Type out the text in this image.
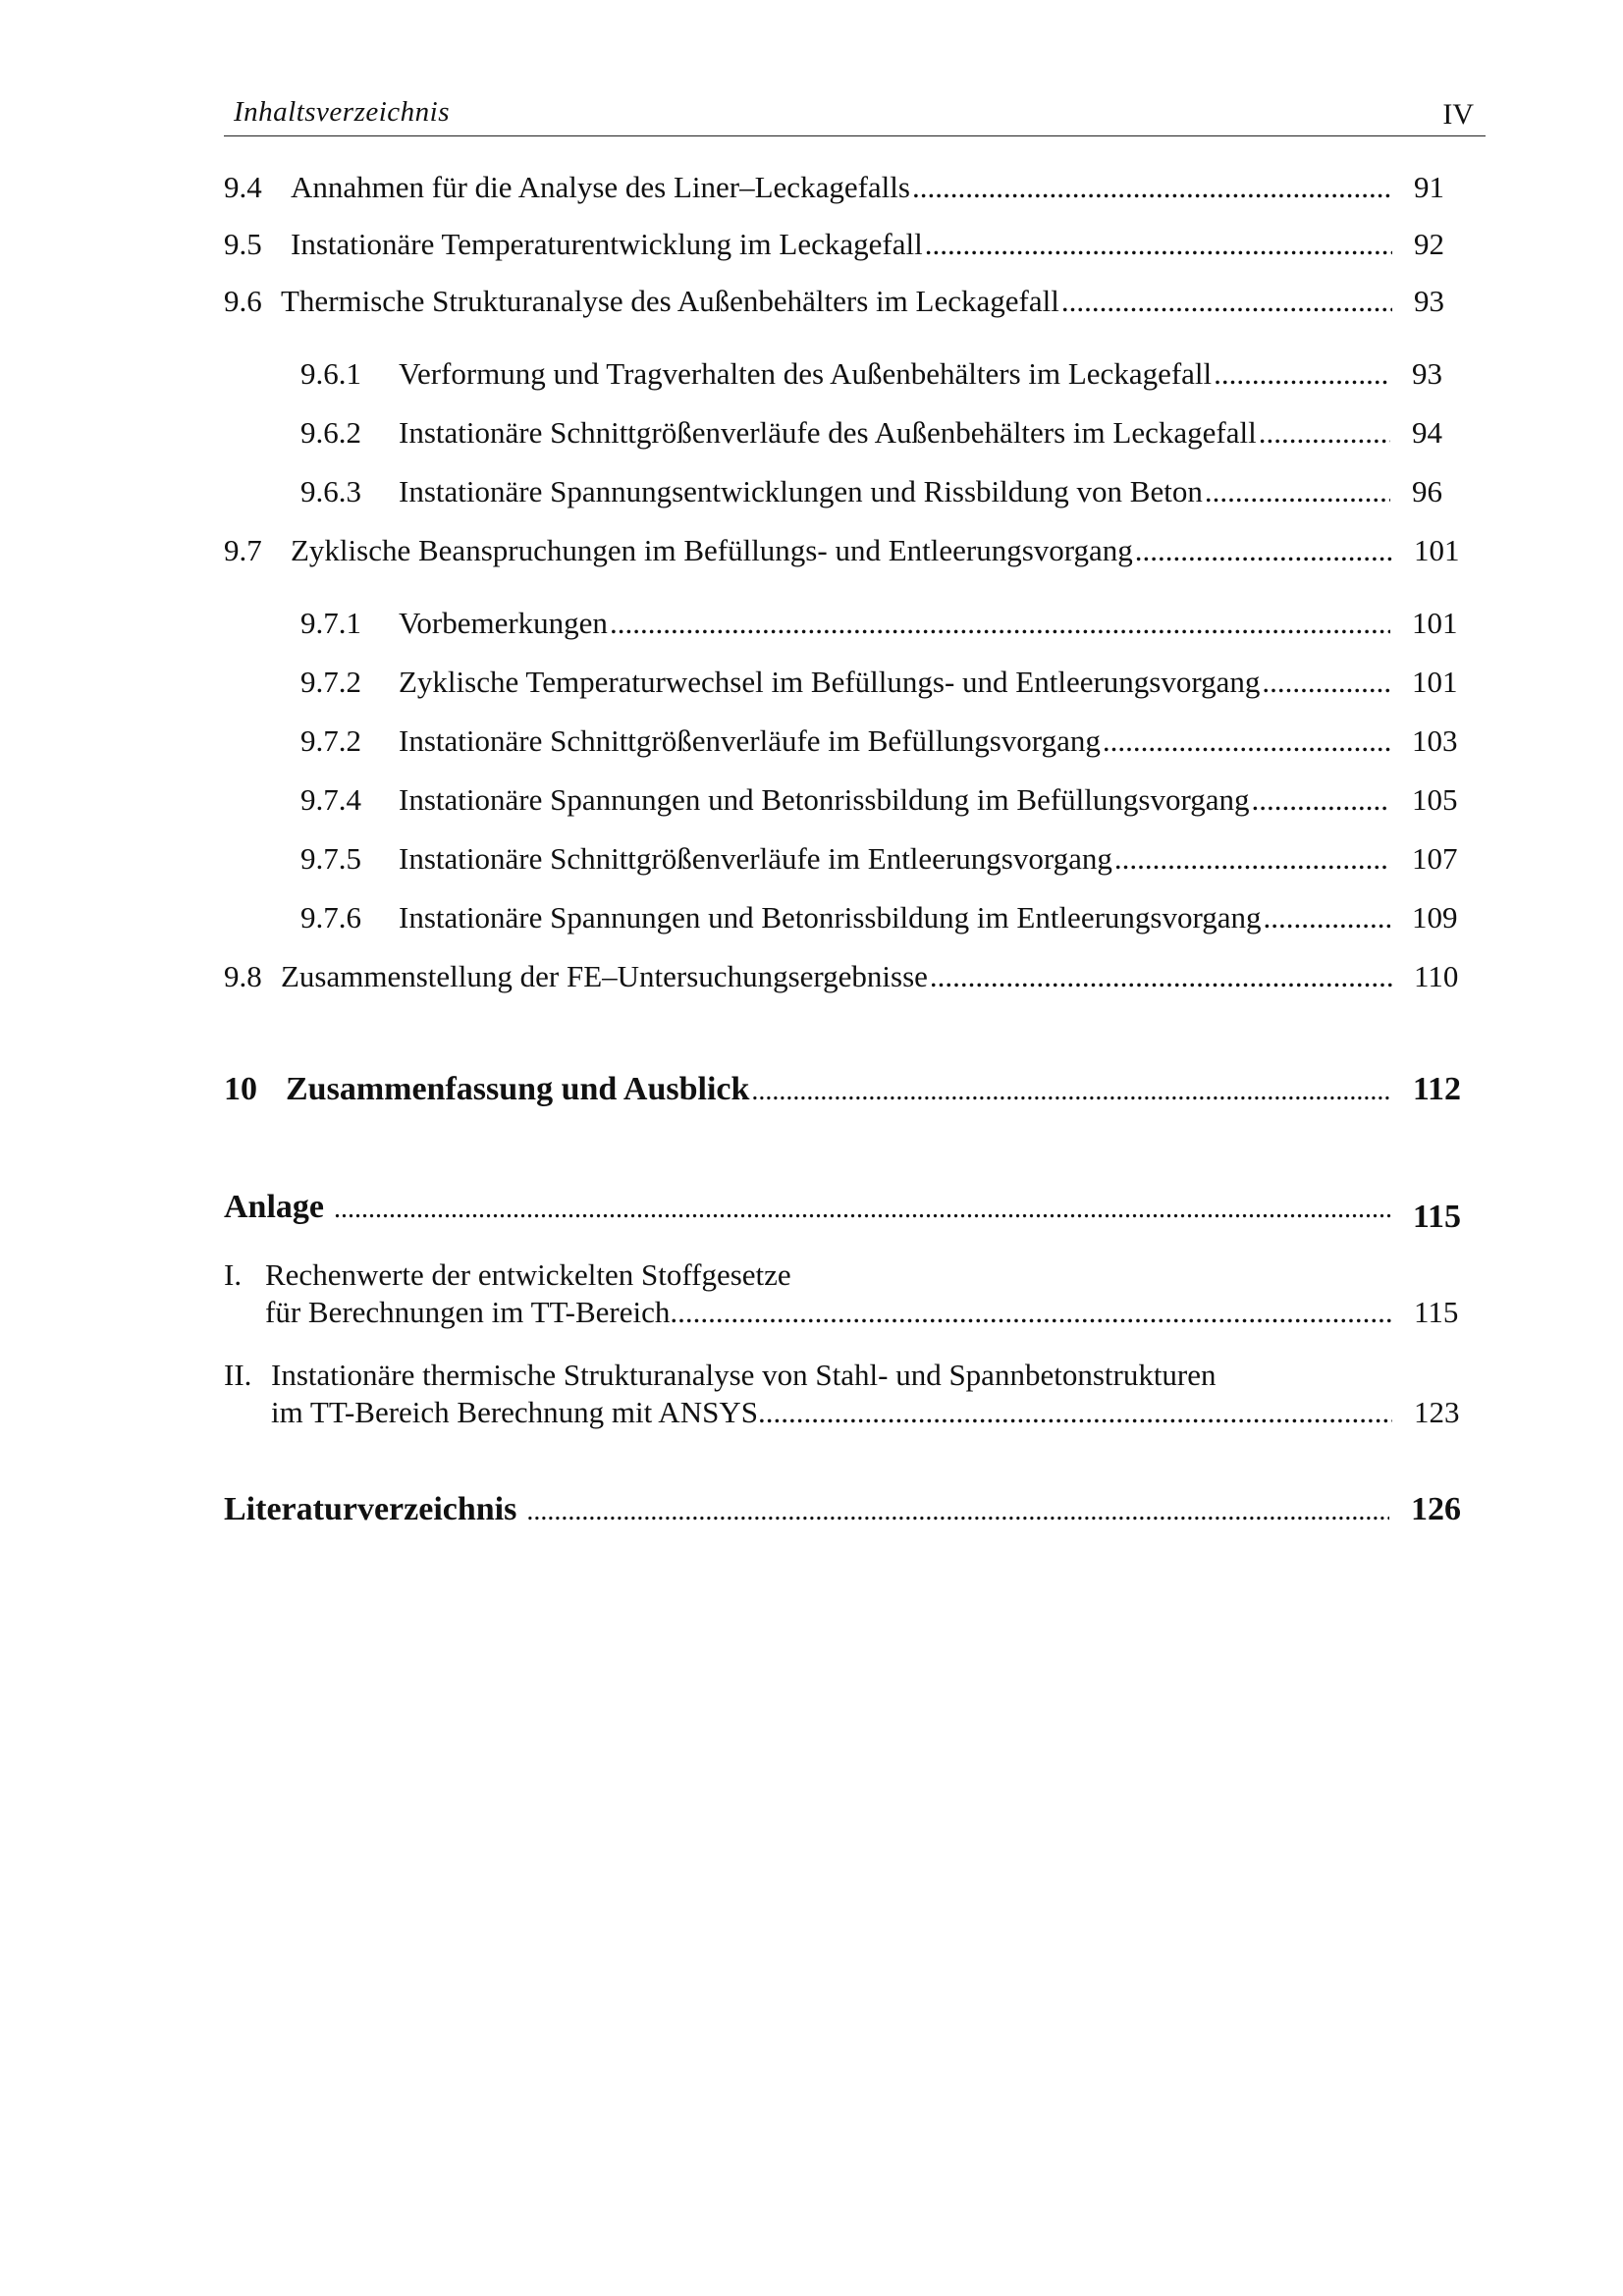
Inhaltsverzeichnis	IV
9.4 Annahmen für die Analyse des Liner–Leckagefalls .....	91
9.5 Instationäre Temperaturentwicklung im Leckagefall .....	92
9.6 Thermische Strukturanalyse des Außenbehälters im Leckagefall .....	93
9.6.1	Verformung und Tragverhalten des Außenbehälters im Leckagefall .....	93
9.6.2	Instationäre Schnittgrößenverläufe des Außenbehälters im Leckagefall .....	94
9.6.3	Instationäre Spannungsentwicklungen und Rissbildung von Beton .....	96
9.7 Zyklische Beanspruchungen im Befüllungs- und Entleerungsvorgang .....	101
9.7.1	Vorbemerkungen .....	101
9.7.2	Zyklische Temperaturwechsel im Befüllungs- und Entleerungsvorgang .....	101
9.7.2	Instationäre Schnittgrößenverläufe im Befüllungsvorgang .....	103
9.7.4	Instationäre Spannungen und Betonrissbildung im Befüllungsvorgang .....	105
9.7.5	Instationäre Schnittgrößenverläufe im Entleerungsvorgang .....	107
9.7.6	Instationäre Spannungen und Betonrissbildung im Entleerungsvorgang .....	109
9.8 Zusammenstellung der FE–Untersuchungsergebnisse .....	110
10 Zusammenfassung und Ausblick .....	112
Anlage .....	115
I. Rechenwerte der entwickelten Stoffgesetze
für Berechnungen im TT-Bereich .....	115
II. Instationäre thermische Strukturanalyse von Stahl- und Spannbetonstrukturen
im TT-Bereich Berechnung mit ANSYS .....	123
Literaturverzeichnis .....	126
